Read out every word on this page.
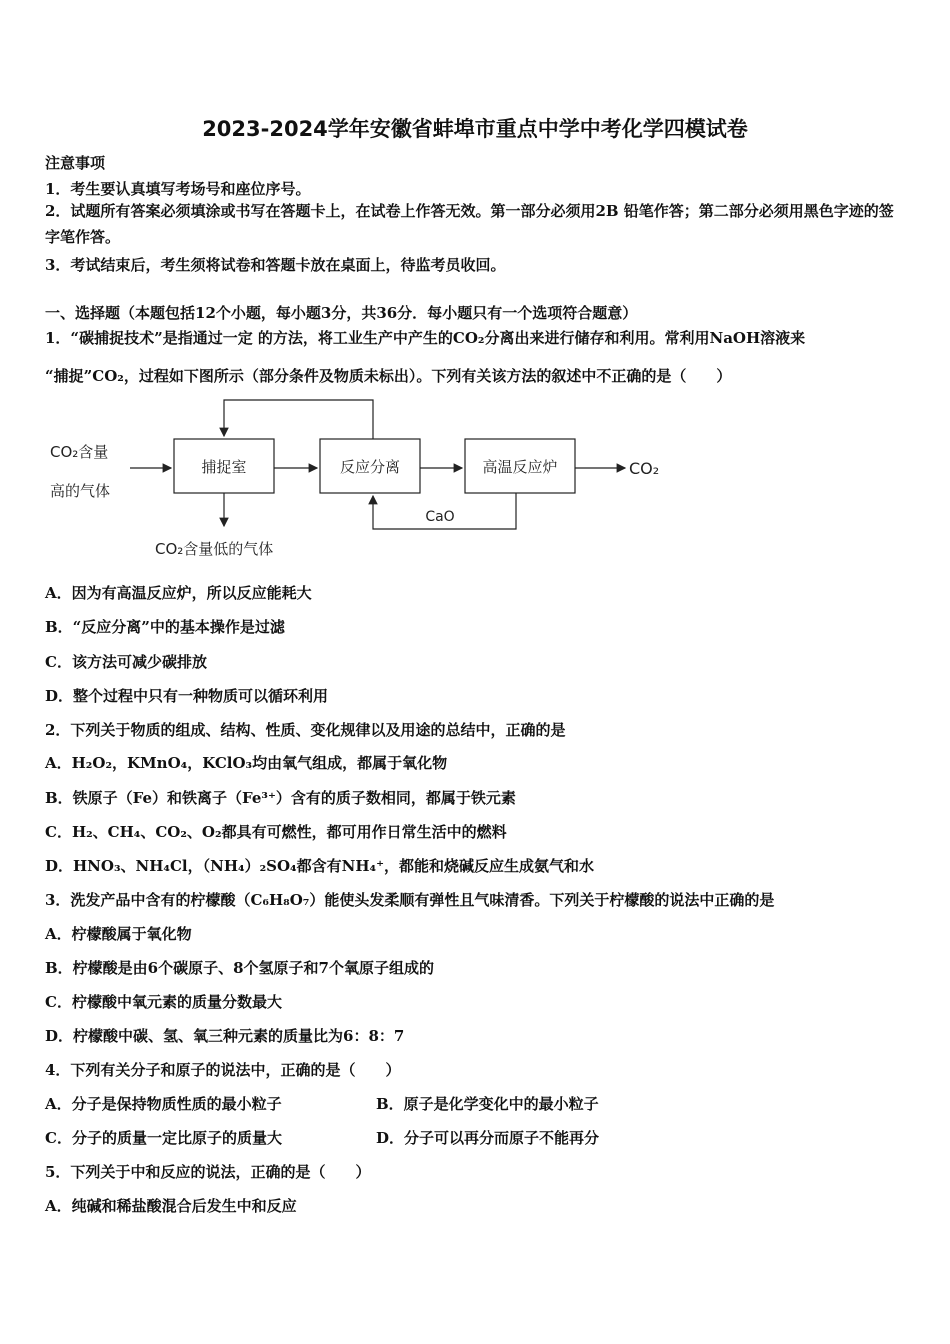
2023-2024学年安徽省蚌埠市重点中学中考化学四模试卷
注意事项
1．考生要认真填写考场号和座位序号。
2．试题所有答案必须填涂或书写在答题卡上，在试卷上作答无效。第一部分必须用2B 铅笔作答；第二部分必须用黑色字迹的签字笔作答。
3．考试结束后，考生须将试卷和答题卡放在桌面上，待监考员收回。
一、选择题（本题包括12个小题，每小题3分，共36分．每小题只有一个选项符合题意）
1．“碳捕捉技术”是指通过一定 的方法，将工业生产中产生的CO₂分离出来进行储存和利用。常利用NaOH溶液来
“捕捉”CO₂，过程如下图所示（部分条件及物质未标出）。下列有关该方法的叙述中不正确的是（　　）
CO₂含量
高的气体
捕捉室	反应分离	高温反应炉	CO₂
CaO
CO₂含量低的气体
A．因为有高温反应炉，所以反应能耗大
B．“反应分离”中的基本操作是过滤
C．该方法可减少碳排放
D．整个过程中只有一种物质可以循环利用
2．下列关于物质的组成、结构、性质、变化规律以及用途的总结中，正确的是
A．H₂O₂，KMnO₄，KClO₃均由氧气组成，都属于氧化物
B．铁原子（Fe）和铁离子（Fe³⁺）含有的质子数相同，都属于铁元素
C．H₂、CH₄、CO₂、O₂都具有可燃性，都可用作日常生活中的燃料
D．HNO₃、NH₄Cl，（NH₄）₂SO₄都含有NH₄⁺，都能和烧碱反应生成氨气和水
3．洗发产品中含有的柠檬酸（C₆H₈O₇）能使头发柔顺有弹性且气味清香。下列关于柠檬酸的说法中正确的是
A．柠檬酸属于氧化物
B．柠檬酸是由6个碳原子、8个氢原子和7个氧原子组成的
C．柠檬酸中氧元素的质量分数最大
D．柠檬酸中碳、氢、氧三种元素的质量比为6：8：7
4．下列有关分子和原子的说法中，正确的是（　　）
A．分子是保持物质性质的最小粒子	B．原子是化学变化中的最小粒子
C．分子的质量一定比原子的质量大	D．分子可以再分而原子不能再分
5．下列关于中和反应的说法，正确的是（　　）
A．纯碱和稀盐酸混合后发生中和反应
